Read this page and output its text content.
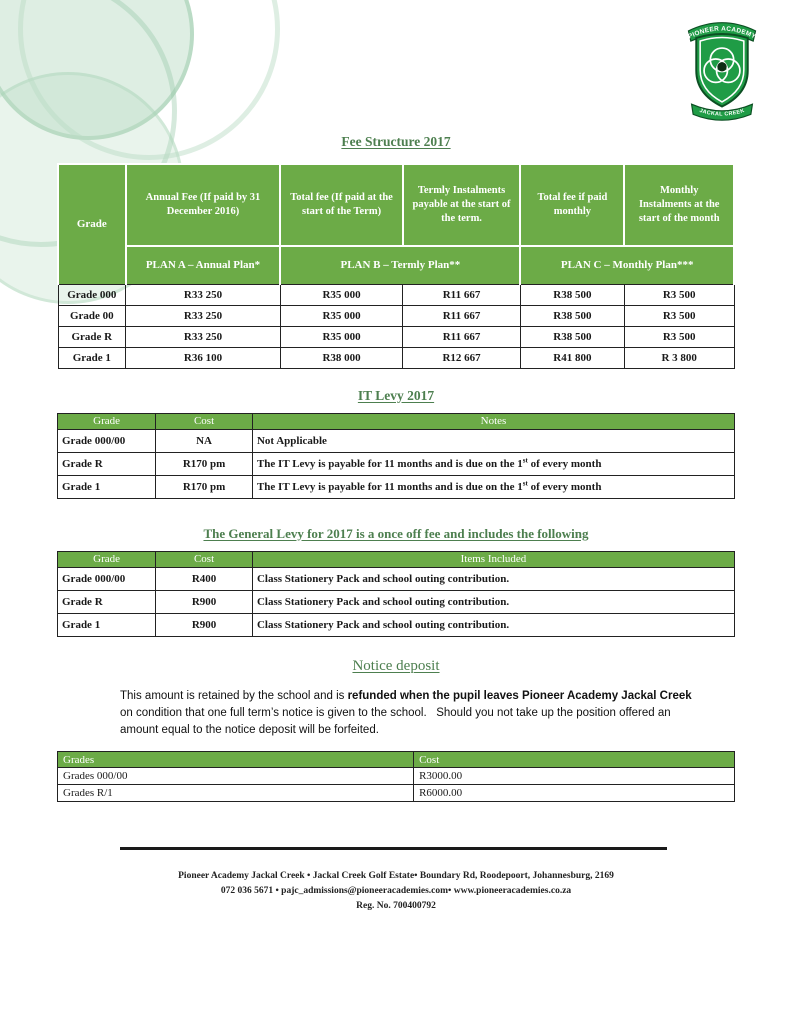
PIONEER ACADEMY
JACKAL CREEK
Fee Structure 2017
Grade	Annual Fee (If paid by 31 December 2016)	Total fee (If paid at the start of the Term)	Termly Instalments payable at the start of the term.	Total fee if paid monthly	Monthly Instalments at the start of the month
	PLAN A – Annual Plan*	PLAN B – Termly Plan**		PLAN C – Monthly Plan***	
Grade 000	R33 250	R35 000	R11 667	R38 500	R3 500
Grade 00	R33 250	R35 000	R11 667	R38 500	R3 500
Grade R	R33 250	R35 000	R11 667	R38 500	R3 500
Grade 1	R36 100	R38 000	R12 667	R41 800	R 3 800
IT Levy 2017
Grade	Cost	Notes
Grade 000/00	NA	Not Applicable
Grade R	R170 pm	The IT Levy is payable for 11 months and is due on the 1st of every month
Grade 1	R170 pm	The IT Levy is payable for 11 months and is due on the 1st of every month
The General Levy for 2017 is a once off fee and includes the following
Grade	Cost	Items Included
Grade 000/00	R400	Class Stationery Pack and school outing contribution.
Grade R	R900	Class Stationery Pack and school outing contribution.
Grade 1	R900	Class Stationery Pack and school outing contribution.
Notice deposit

This amount is retained by the school and is refunded when the pupil leaves Pioneer Academy Jackal Creek on condition that one full term’s notice is given to the school.   Should you not take up the position offered an amount equal to the notice deposit will be forfeited.

Grades	Cost
Grades 000/00	R3000.00
Grades R/1	R6000.00
Pioneer Academy Jackal Creek • Jackal Creek Golf Estate• Boundary Rd, Roodepoort, Johannesburg, 2169
072 036 5671 • pajc_admissions@pioneeracademies.com• www.pioneeracademies.co.za
Reg. No. 700400792
